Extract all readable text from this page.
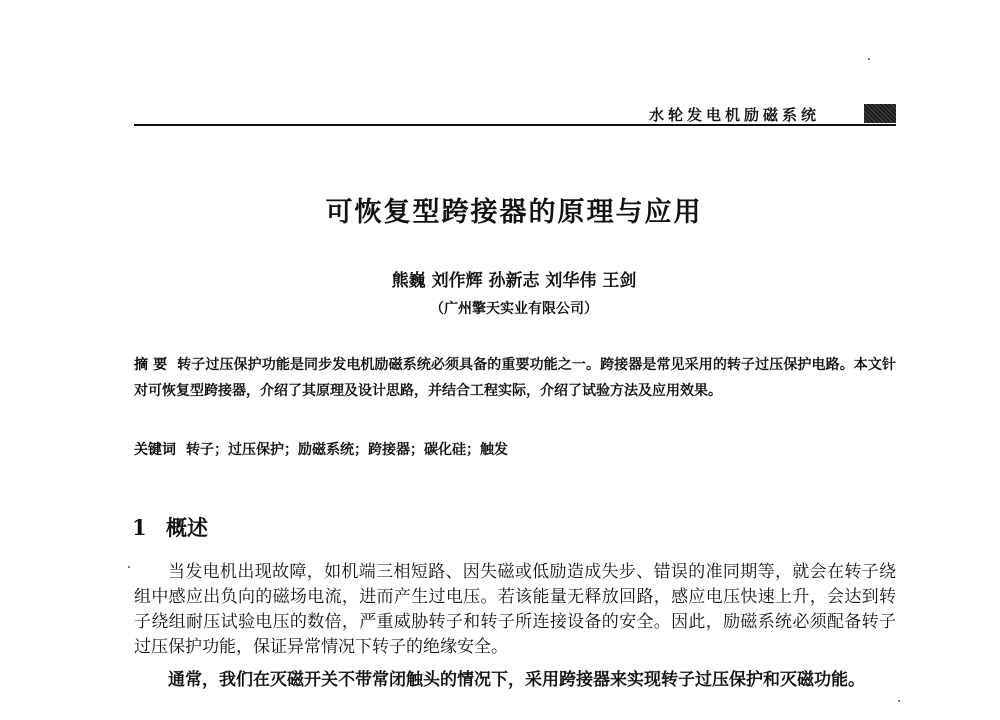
水轮发电机励磁系统
可恢复型跨接器的原理与应用
熊巍 刘作辉 孙新志 刘华伟 王剑
（广州擎天实业有限公司）
摘 要 转子过压保护功能是同步发电机励磁系统必须具备的重要功能之一。跨接器是常见采用的转子过压保护电路。本文针对可恢复型跨接器，介绍了其原理及设计思路，并结合工程实际，介绍了试验方法及应用效果。
关键词 转子；过压保护；励磁系统；跨接器；碳化硅；触发
1 概述

当发电机出现故障，如机端三相短路、因失磁或低励造成失步、错误的准同期等，就会在转子绕组中感应出负向的磁场电流，进而产生过电压。若该能量无释放回路，感应电压快速上升，会达到转子绕组耐压试验电压的数倍，严重威胁转子和转子所连接设备的安全。因此，励磁系统必须配备转子过压保护功能，保证异常情况下转子的绝缘安全。

通常，我们在灭磁开关不带常闭触头的情况下，采用跨接器来实现转子过压保护和灭磁功能。
